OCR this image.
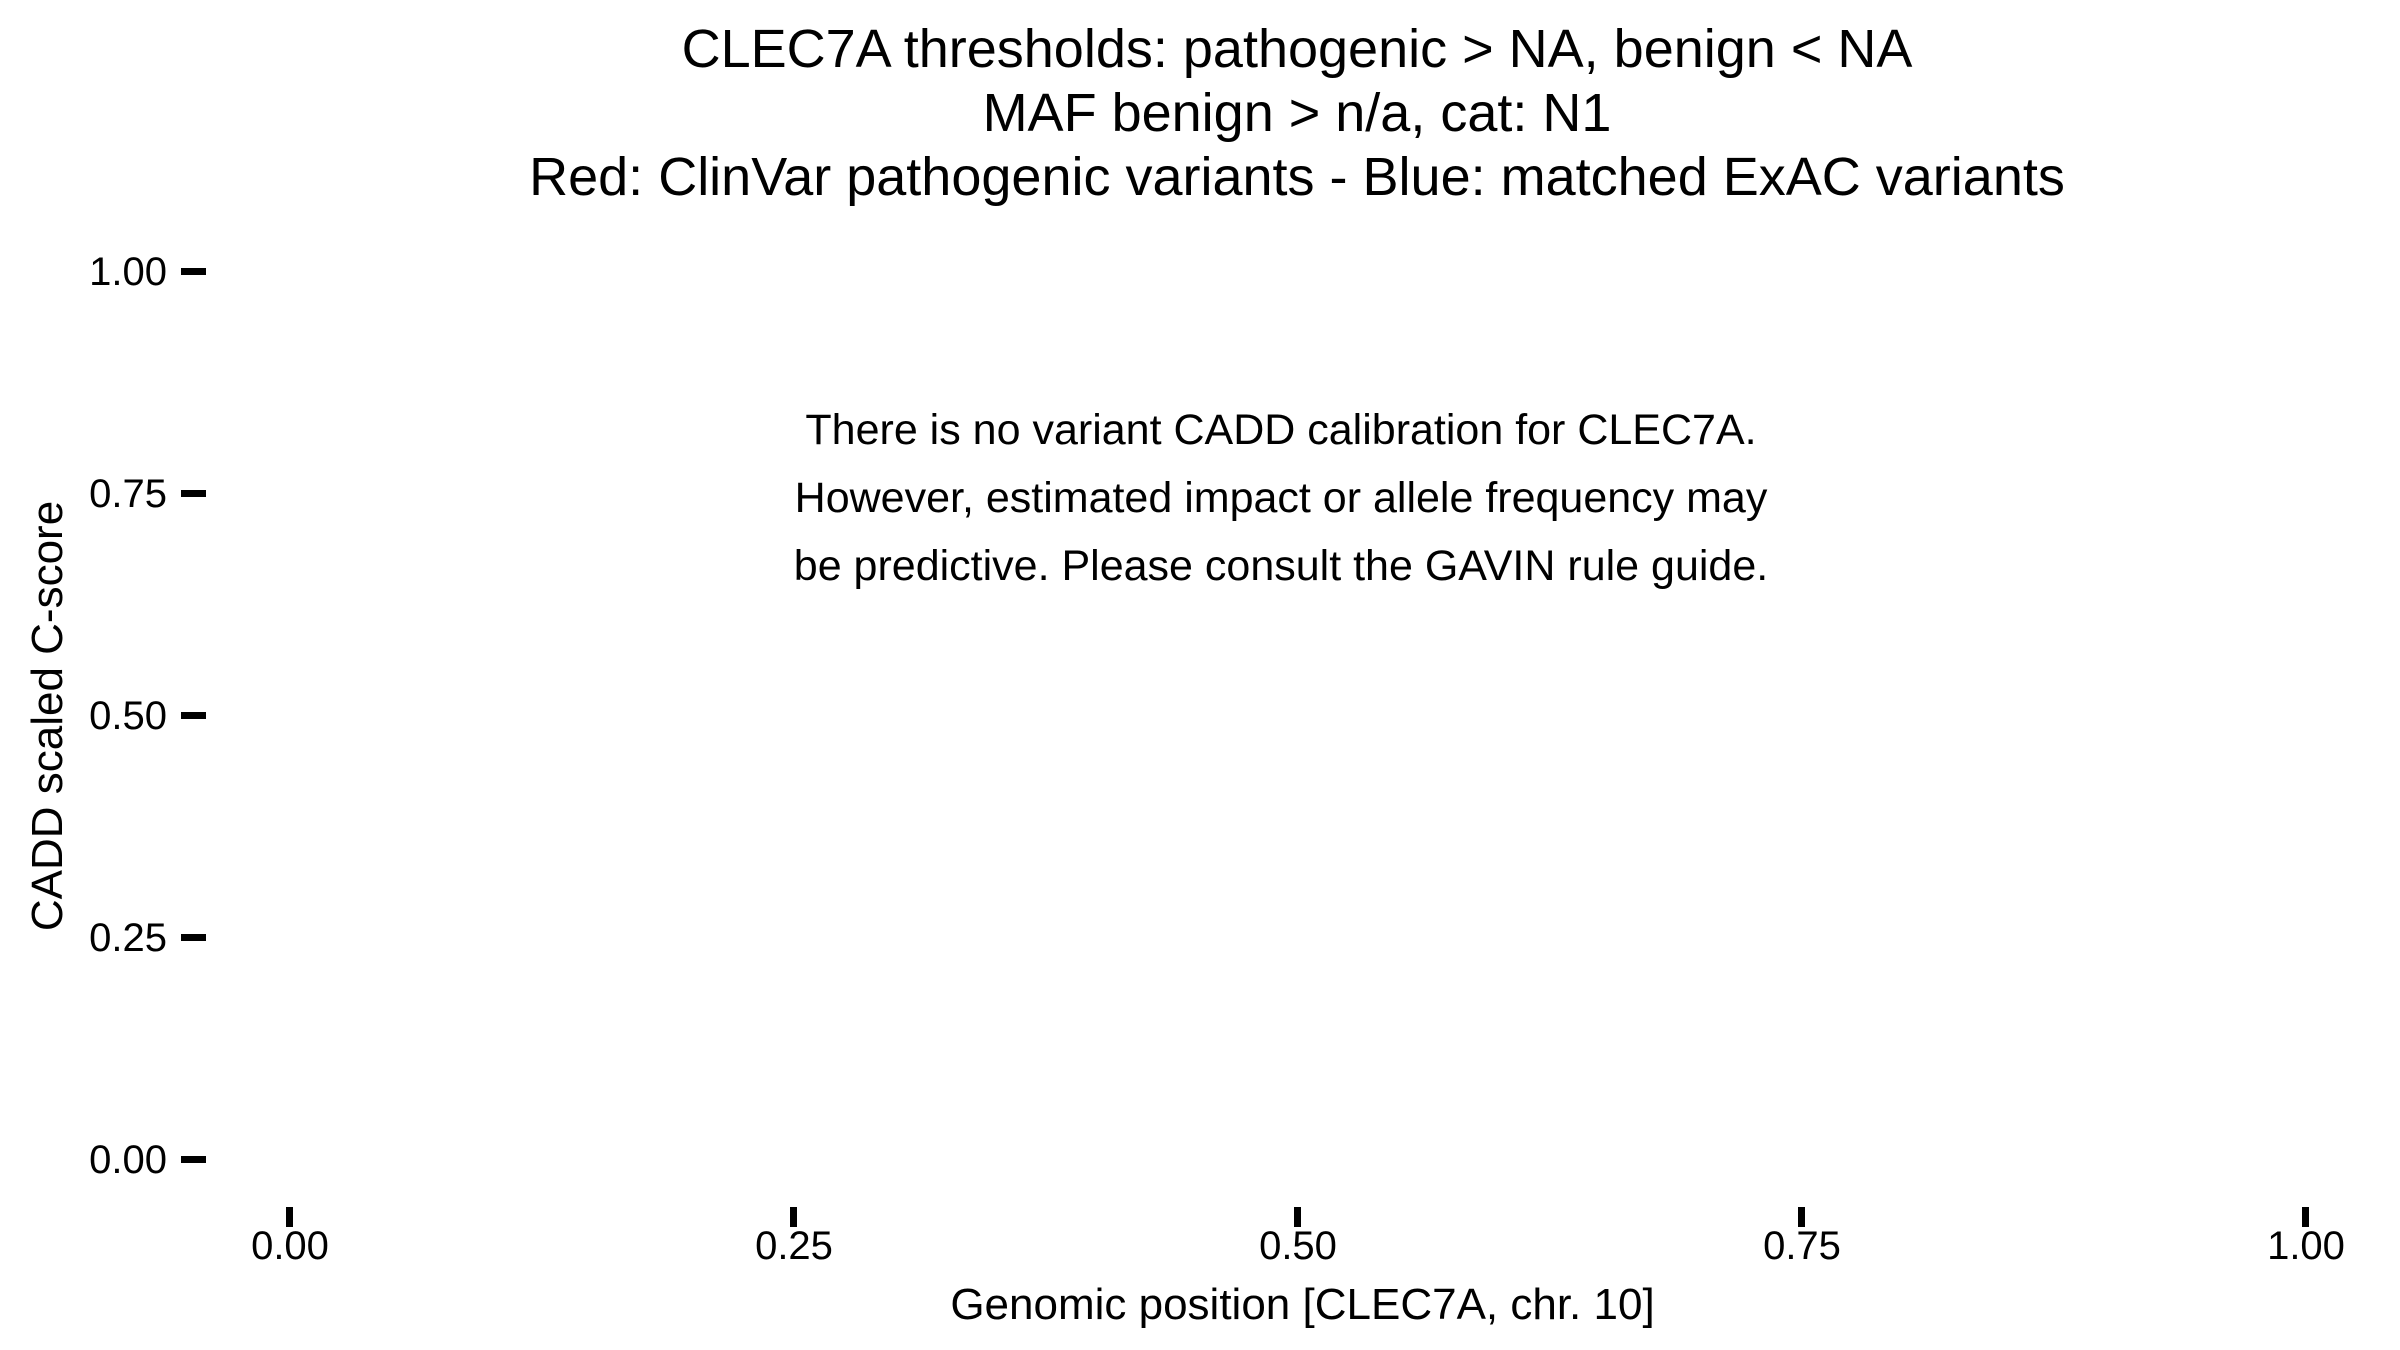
CLEC7A thresholds: pathogenic > NA, benign < NA
MAF benign > n/a, cat: N1
Red: ClinVar pathogenic variants - Blue: matched ExAC variants
CADD scaled C-score
1.00
0.75
0.50
0.25
0.00
There is no variant CADD calibration for CLEC7A.
However, estimated impact or allele frequency may
be predictive. Please consult the GAVIN rule guide.
0.00	0.25	0.50	0.75	1.00
Genomic position [CLEC7A, chr. 10]
